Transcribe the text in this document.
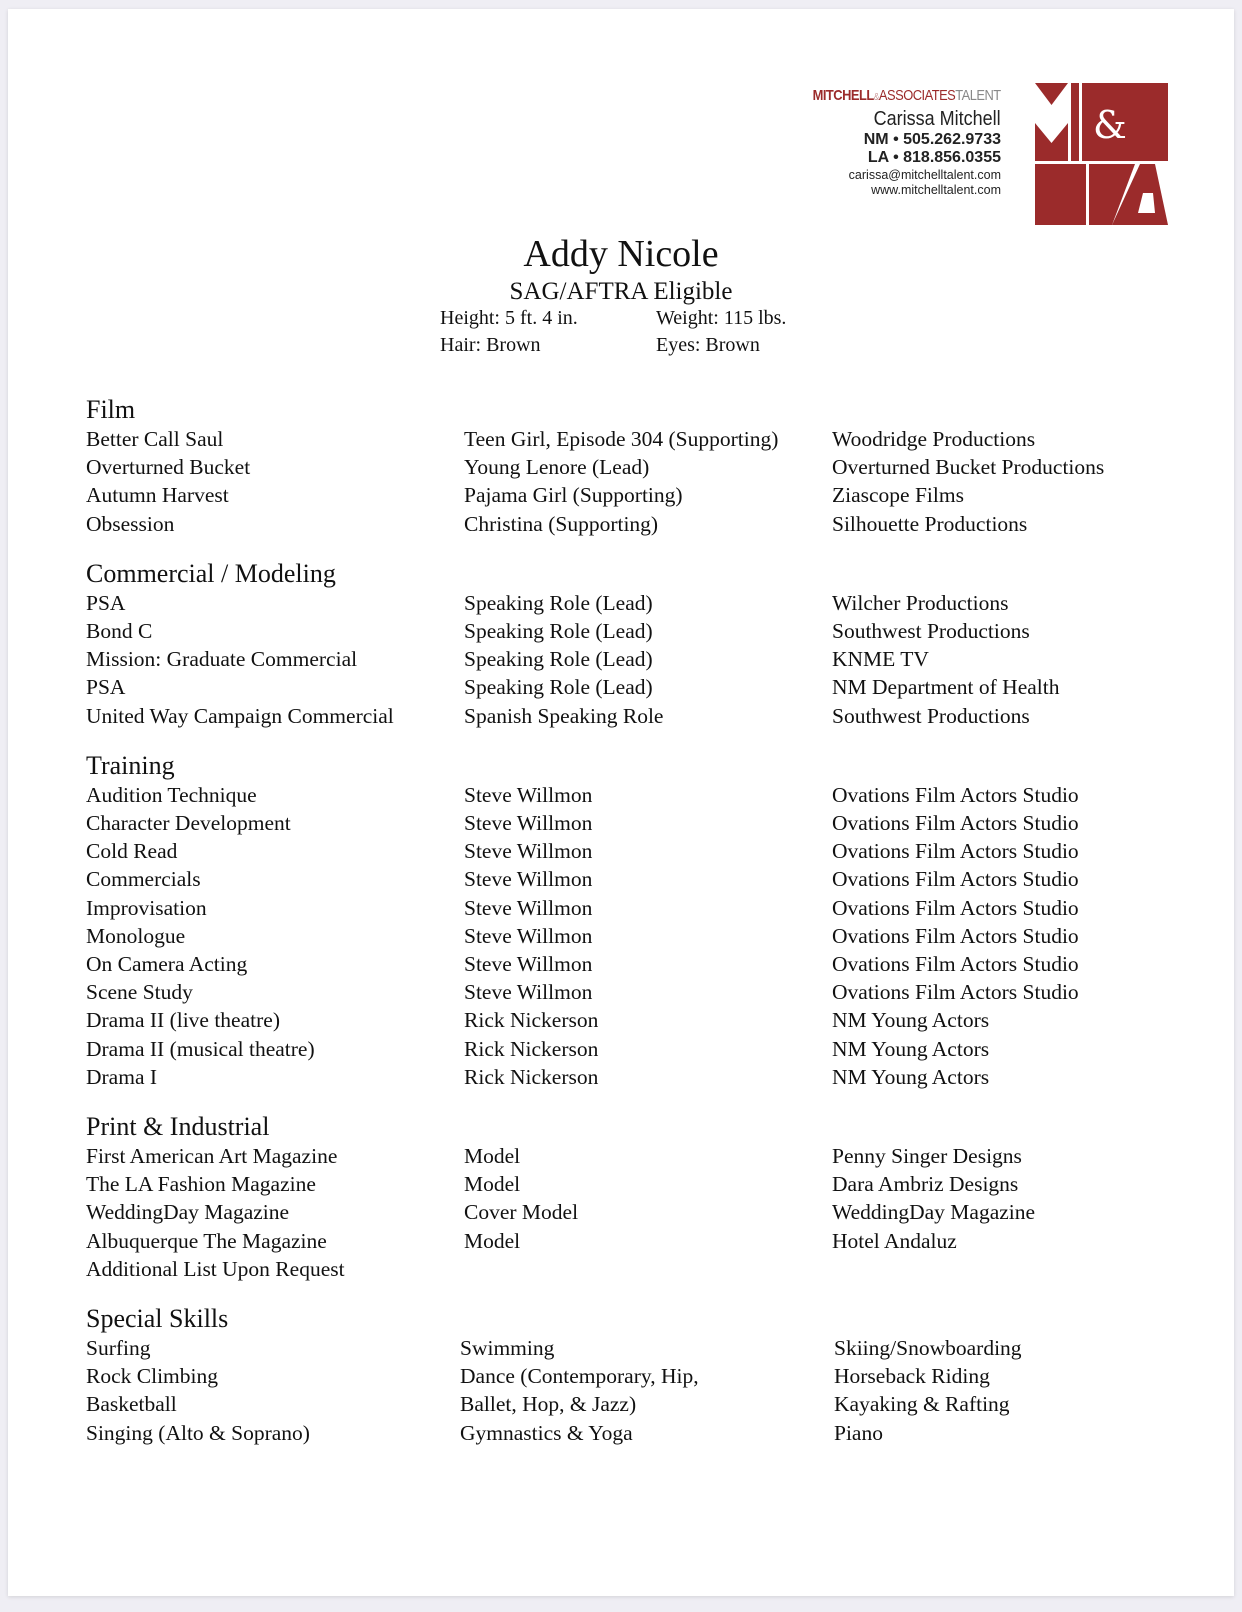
MITCHELL&ASSOCIATESTALENT
Carissa Mitchell
NM • 505.262.9733
LA • 818.856.0355
carissa@mitchelltalent.com
www.mitchelltalent.com
&
Addy Nicole
SAG/AFTRA Eligible
Height: 5 ft. 4 in.	Weight: 115 lbs.
Hair: Brown	Eyes: Brown
Film
Better Call Saul	Teen Girl, Episode 304 (Supporting)	Woodridge Productions
Overturned Bucket	Young Lenore (Lead)	Overturned Bucket Productions
Autumn Harvest	Pajama Girl (Supporting)	Ziascope Films
Obsession	Christina (Supporting)	Silhouette Productions
Commercial / Modeling
PSA	Speaking Role (Lead)	Wilcher Productions
Bond C	Speaking Role (Lead)	Southwest Productions
Mission: Graduate Commercial	Speaking Role (Lead)	KNME TV
PSA	Speaking Role (Lead)	NM Department of Health
United Way Campaign Commercial	Spanish Speaking Role	Southwest Productions
Training
Audition Technique	Steve Willmon	Ovations Film Actors Studio
Character Development	Steve Willmon	Ovations Film Actors Studio
Cold Read	Steve Willmon	Ovations Film Actors Studio
Commercials	Steve Willmon	Ovations Film Actors Studio
Improvisation	Steve Willmon	Ovations Film Actors Studio
Monologue	Steve Willmon	Ovations Film Actors Studio
On Camera Acting	Steve Willmon	Ovations Film Actors Studio
Scene Study	Steve Willmon	Ovations Film Actors Studio
Drama II (live theatre)	Rick Nickerson	NM Young Actors
Drama II (musical theatre)	Rick Nickerson	NM Young Actors
Drama I	Rick Nickerson	NM Young Actors
Print & Industrial
First American Art Magazine	Model	Penny Singer Designs
The LA Fashion Magazine	Model	Dara Ambriz Designs
WeddingDay Magazine	Cover Model	WeddingDay Magazine
Albuquerque The Magazine	Model	Hotel Andaluz
Additional List Upon Request
Special Skills
Surfing	Swimming	Skiing/Snowboarding
Rock Climbing	Dance (Contemporary, Hip,	Horseback Riding
Basketball	Ballet, Hop, & Jazz)	Kayaking & Rafting
Singing (Alto & Soprano)	Gymnastics & Yoga	Piano
